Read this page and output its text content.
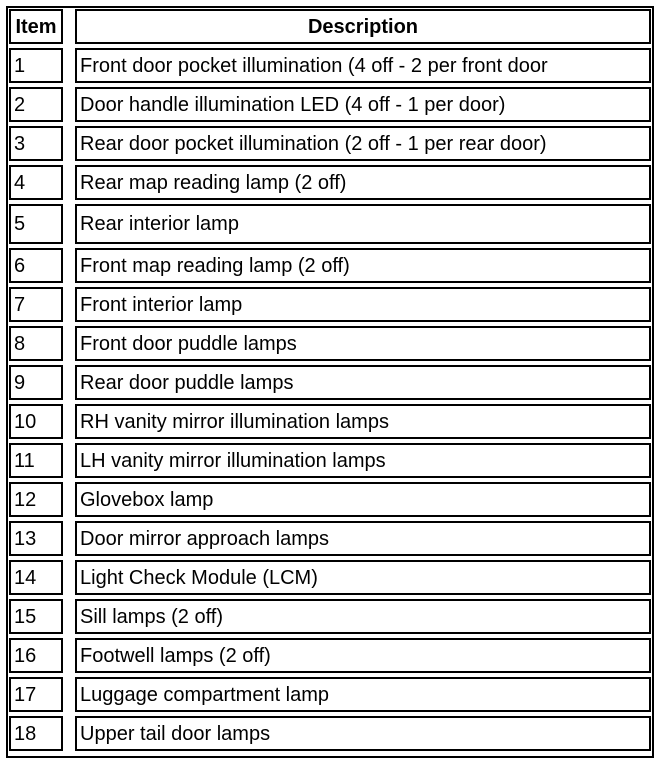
Item		Description
1		Front door pocket illumination (4 off - 2 per front door
2		Door handle illumination LED (4 off - 1 per door)
3		Rear door pocket illumination (2 off - 1 per rear door)
4		Rear map reading lamp (2 off)
5		Rear interior lamp
6		Front map reading lamp (2 off)
7		Front interior lamp
8		Front door puddle lamps
9		Rear door puddle lamps
10		RH vanity mirror illumination lamps
11		LH vanity mirror illumination lamps
12		Glovebox lamp
13		Door mirror approach lamps
14		Light Check Module (LCM)
15		Sill lamps (2 off)
16		Footwell lamps (2 off)
17		Luggage compartment lamp
18		Upper tail door lamps
